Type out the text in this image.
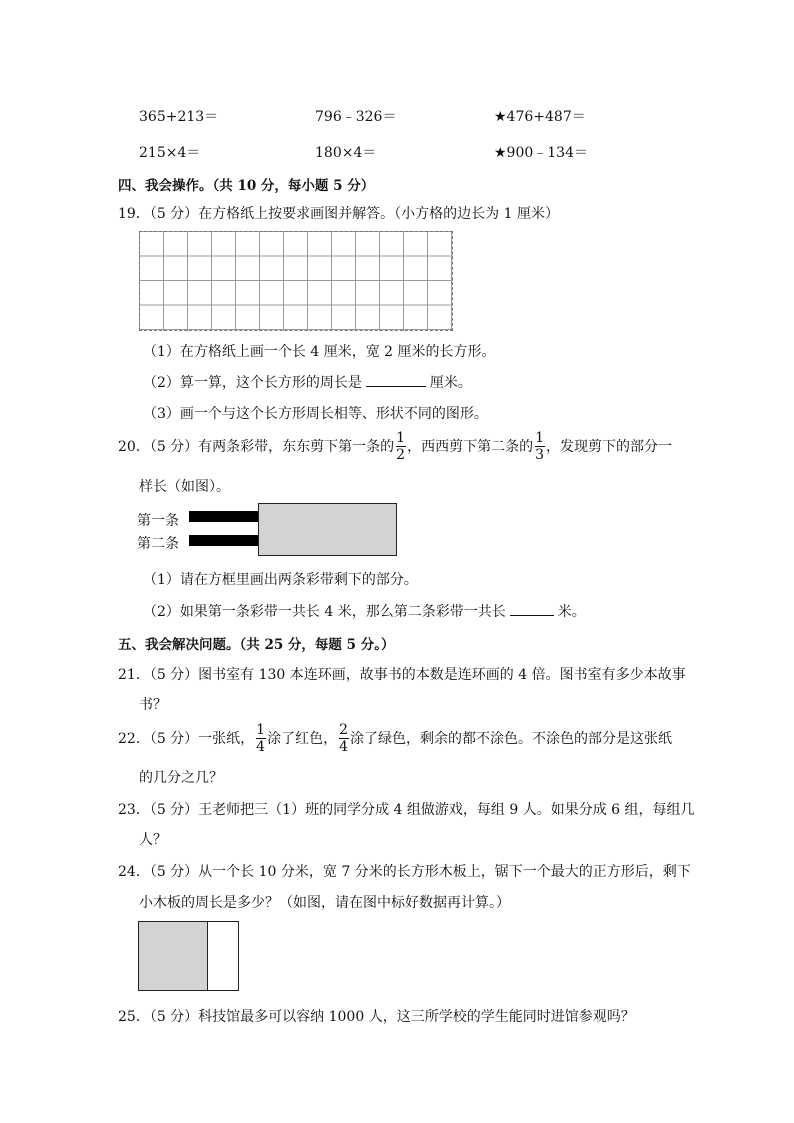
365+213＝	796﹣326＝	★476+487＝
215×4＝	180×4＝	★900﹣134＝
四、我会操作。（共 10 分，每小题 5 分）
19．（5 分）在方格纸上按要求画图并解答。（小方格的边长为 1 厘米）
（1）在方格纸上画一个长 4 厘米，宽 2 厘米的长方形。
（2）算一算，这个长方形的周长是	厘米。
（3）画一个与这个长方形周长相等、形状不同的图形。
20．（5 分）有两条彩带，东东剪下第一条的 $\frac{1}{2}$ ，西西剪下第二条的 $\frac{1}{3}$ ，发现剪下的部分一
样长（如图）。
第一条
第二条
（1）请在方框里画出两条彩带剩下的部分。
（2）如果第一条彩带一共长 4 米，那么第二条彩带一共长	米。
五、我会解决问题。（共 25 分，每题 5 分。）
21．（5 分）图书室有 130 本连环画，故事书的本数是连环画的 4 倍。图书室有多少本故事
书？
22．（5 分）一张纸， $\frac{1}{4}$ 涂了红色， $\frac{2}{4}$ 涂了绿色，剩余的都不涂色。不涂色的部分是这张纸
的几分之几？
23．（5 分）王老师把三（1）班的同学分成 4 组做游戏，每组 9 人。如果分成 6 组，每组几
人？
24．（5 分）从一个长 10 分米，宽 7 分米的长方形木板上，锯下一个最大的正方形后，剩下
小木板的周长是多少？（如图，请在图中标好数据再计算。）
25．（5 分）科技馆最多可以容纳 1000 人，这三所学校的学生能同时进馆参观吗？
